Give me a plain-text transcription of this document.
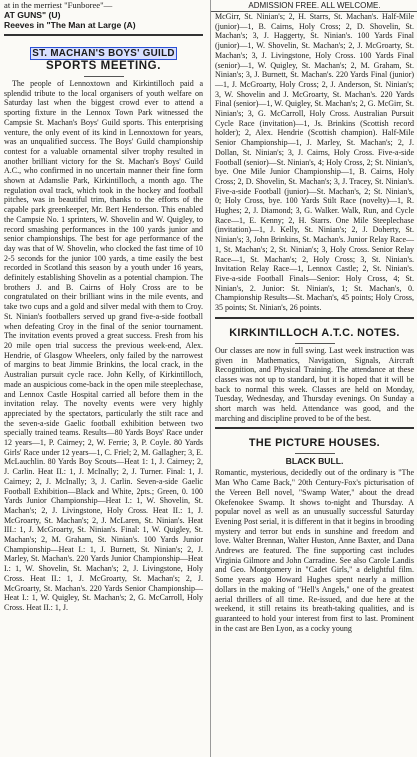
at in the merriest "Funboree"—
AT GUNS" (U)
Reeves in "The Man at Large (A)
ST. MACHAN'S BOYS' GUILD
SPORTS MEETING.

The people of Lennoxtown and Kirkintilloch paid a splendid tribute to the local organisers of youth welfare on Saturday last when the biggest crowd ever to attend a sporting fixture in the Lennox Town Park witnessed the Campsie St. Machan's Boys' Guild sports. This enterprising venture, the only event of its kind in Lennoxtown for years, was an unqualified success. The Boys' Guild championship contest for a valuable ornamental silver trophy resulted in another brilliant victory for the St. Machan's Boys' Guild A.C., who confirmed in no uncertain manner their fine form shown at Adamslie Park, Kirkintilloch, a month ago. The regulation oval track, which took in the hockey and football pitches, was in beautiful trim, thanks to the efforts of the capable park greenkeeper, Mr. Bert Henderson. This enabled the Campsie No. 1 sprinters, W. Shovelin and W. Quigley, to record smashing performances in the 100 yards junior and senior championships. The best for age performance of the day was that of W. Shovelin, who clocked the fast time of 10 2-5 seconds for the junior 100 yards, a time easily the best recorded in Scotland this season by a youth under 16 years, definitely establishing Shovelin as a potential champion. The brothers J. and B. Cairns of Holy Cross are to be congratulated on their brilliant wins in the mile events, and take two cups and a gold and silver medal with them to Croy. St. Ninian's footballers served up grand five-a-side football when defeating Croy in the final of the senior tournament. The invitation events proved a great success. Fresh from his 20 mile open trial success the previous week-end, Alex. Hendrie, of Glasgow Wheelers, only failed by the narrowest of margins to beat Jimmie Brinkins, the local crack, in the Australian pursuit cycle race. John Kelly, of Kirkintilloch, made an auspicious come-back in the open mile steeplechase, and Lennox Castle Hospital carried all before them in the invitation relay. The novelty events were very highly appreciated by the spectators, particularly the stilt race and the seven-a-side Gaelic football exhibition between two specially trained teams. Results—80 Yards Boys' Race under 12 years—1, P. Cairney; 2, W. Ferrie; 3, P. Coyle. 80 Yards Girls' Race under 12 years—1, C. Friel; 2, M. Gallagher; 3, E. McLauchlin. 80 Yards Boy Scouts—Heat 1: 1, J. Cairney; 2, J. Carlin. Heat II.: 1, J. McInally; 2, J. Turner. Final: 1, J. Cairney; 2, J. McInally; 3, J. Carlin. Seven-a-side Gaelic Football Exhibition—Black and White, 2pts.; Green, 0. 100 Yards Junior Championship—Heat I.: 1, W. Shovelin, St. Machan's; 2, J. Livingstone, Holy Cross. Heat II.: 1, J. McGroarty, St. Machan's; 2, J. McLaren, St. Ninian's. Heat III.: 1, J. McGroarty, St. Ninian's. Final: 1, W. Quigley, St. Machan's; 2, M. Graham, St. Ninian's. 100 Yards Junior Championship—Heat I.: 1, J. Burnett, St. Ninian's; 2, J. Marley, St. Machan's. 220 Yards Junior Championship—Heat I.: 1, W. Shovelin, St. Machan's; 2, J. Livingstone, Holy Cross. Heat II.: 1, J. McGroarty, St. Machan's; 2, J. McGroarty, St. Machan's. 220 Yards Senior Championship—Heat I.: 1, W. Quigley, St. Machan's; 2, G. McCarroll, Holy Cross. Heat II.: 1, J.

ADMISSION FREE. ALL WELCOME.

McGirr, St. Ninian's; 2, H. Starrs, St. Machan's. Half-Mile (junior)—1, B. Cairns, Holy Cross; 2, D. Shovelin, St. Machan's; 3, J. Haggerty, St. Ninian's. 100 Yards Final (junior)—1, W. Shovelin, St. Machan's; 2, J. McGroarty, St. Machan's; 3, J. Livingstone, Holy Cross. 100 Yards Final (senior)—1, W. Quigley, St. Machan's; 2, M. Graham, St. Ninian's; 3, J. Burnett, St. Machan's. 220 Yards Final (junior)—1, J. McGroarty, Holy Cross; 2, J. Anderson, St. Ninian's; 3, W. Shovelin and J. McGroarty, St. Machan's. 220 Yards Final (senior)—1, W. Quigley, St. Machan's; 2, G. McGirr, St. Ninian's; 3, G. McCarroll, Holy Cross. Australian Pursuit Cycle Race (invitation)—1, Js. Brinkins (Scottish record holder); 2, Alex. Hendrie (Scottish champion). Half-Mile Senior Championship—1, J. Marley, St. Machan's; 2, J. Dollan, St. Ninian's; 3, J. Cairns, Holy Cross. Five-a-side Football (senior)—St. Ninian's, 4; Holy Cross, 2; St. Ninian's, bye. One Mile Junior Championship—1, B. Cairns, Holy Cross; 2, D. Shovelin, St. Machan's; 3, J. Tracey, St. Ninian's. Five-a-side Football (junior)—St. Machan's, 2; St. Ninian's, 0; Holy Cross, bye. 100 Yards Stilt Race (novelty)—1, R. Hughes; 2, J. Diamond; 3, G. Walker. Walk, Run, and Cycle Race—1, E. Kenny; 2, H. Starrs. One Mile Steeplechase (invitation)—1, J. Kelly, St. Ninian's; 2, J. Doherty, St. Ninian's; 3, John Brinkins, St. Machan's. Junior Relay Race—1, St. Machan's; 2, St. Ninian's; 3, Holy Cross. Senior Relay Race—1, St. Machan's; 2, Holy Cross; 3, St. Ninian's. Invitation Relay Race—1, Lennox Castle; 2, St. Ninian's. Five-a-side Football Finals—Senior: Holy Cross, 4; St. Ninian's, 2. Junior: St. Ninian's, 1; St. Machan's, 0. Championship Results—St. Machan's, 45 points; Holy Cross, 35 points; St. Ninian's, 26 points.

KIRKINTILLOCH A.T.C. NOTES.

Our classes are now in full swing. Last week instruction was given in Mathematics, Navigation, Signals, Aircraft Recognition, and Physical Training. The attendance at these classes was not up to standard, but it is hoped that it will be back to normal this week. Classes are held on Monday, Tuesday, Wednesday, and Thursday evenings. On Sunday a short march was held. Attendance was good, and the marching and discipline proved to be of the best.

THE PICTURE HOUSES.
BLACK BULL.

Romantic, mysterious, decidedly out of the ordinary is "The Man Who Came Back," 20th Century-Fox's picturisation of the Vereen Bell novel, "Swamp Water," about the dread Okefenokee Swamp. It shows to-night and Thursday. A popular novel as well as an unusually successful Saturday Evening Post serial, it is different in that it begins in brooding mystery and terror but ends in sunshine and freedom and love. Walter Brennan, Walter Huston, Anne Baxter, and Dana Andrews are featured. The fine supporting cast includes Virginia Gilmore and John Carradine. See also Carole Landis and Geo. Montgomery in "Cadet Girls," a delightful film. Some years ago Howard Hughes spent nearly a million dollars in the making of "Hell's Angels," one of the greatest aerial thrillers of all time. Re-issued, and due here at the weekend, it still retains its breath-taking qualities, and is guaranteed to hold your interest from first to last. Prominent in the cast are Ben Lyon, as a cocky young
